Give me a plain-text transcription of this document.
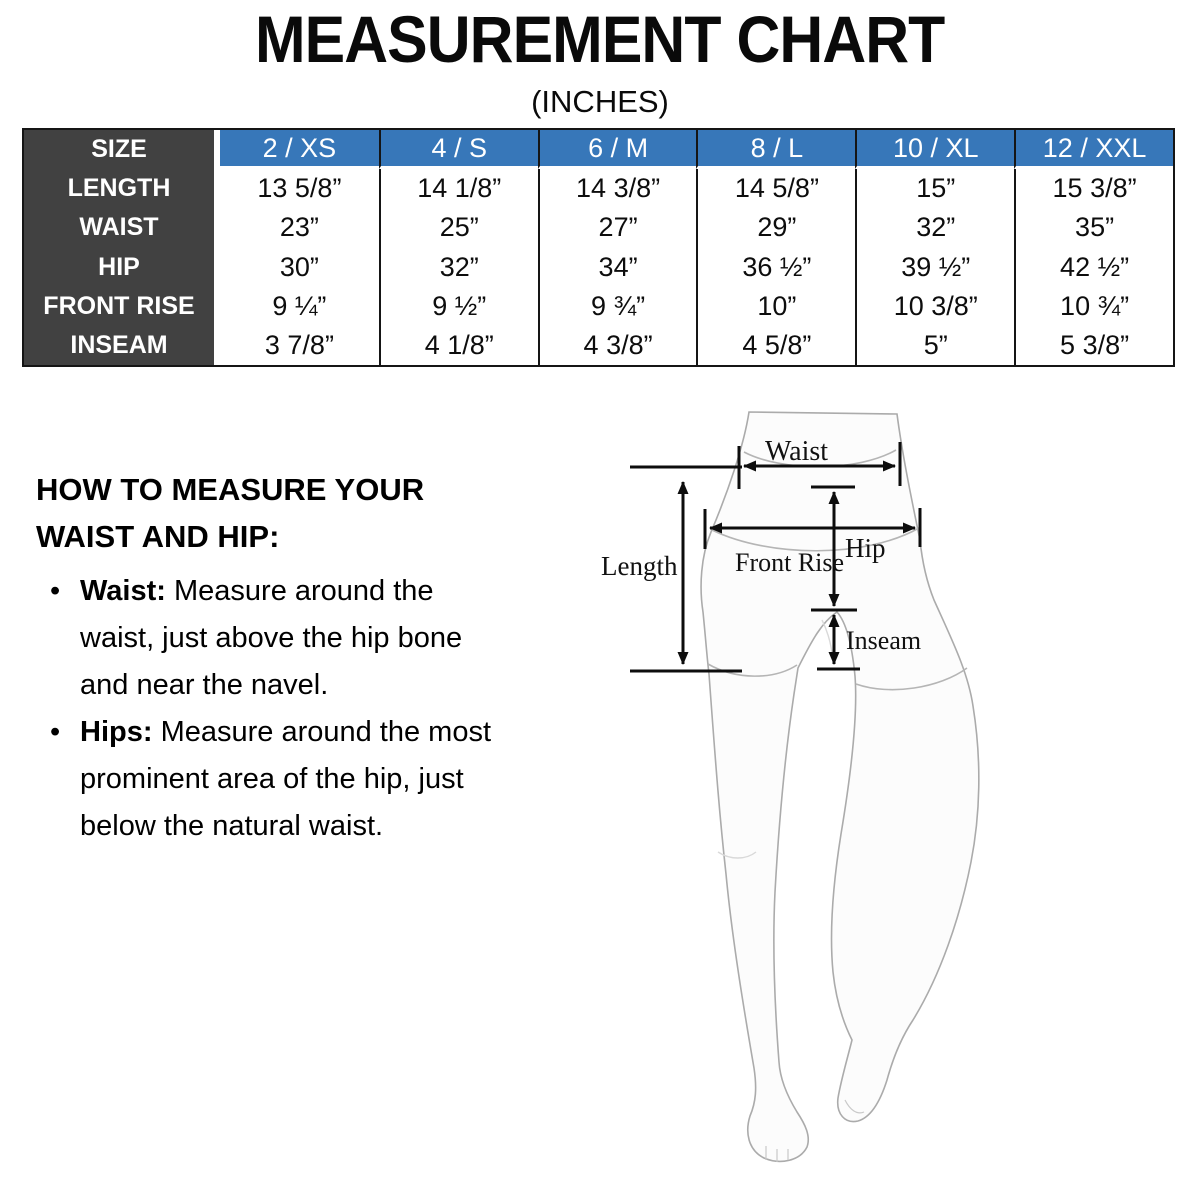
MEASUREMENT CHART
(INCHES)
SIZE	2 / XS	4 / S	6 / M	8 / L	10 / XL	12 / XXL
LENGTH	13 5/8”	14 1/8”	14 3/8”	14 5/8”	15”	15 3/8”
WAIST	23”	25”	27”	29”	32”	35”
HIP	30”	32”	34”	36 ½”	39 ½”	42 ½”
FRONT RISE	9 ¼”	9 ½”	9 ¾”	10”	10 3/8”	10 ¾”
INSEAM	3 7/8”	4 1/8”	4 3/8”	4 5/8”	5”	5 3/8”
HOW TO MEASURE YOUR
WAIST AND HIP:
• Waist: Measure around the
waist, just above the hip bone
and near the navel.
• Hips: Measure around the most
prominent area of the hip, just
below the natural waist.
Waist
Length Front Rise Hip
Inseam
